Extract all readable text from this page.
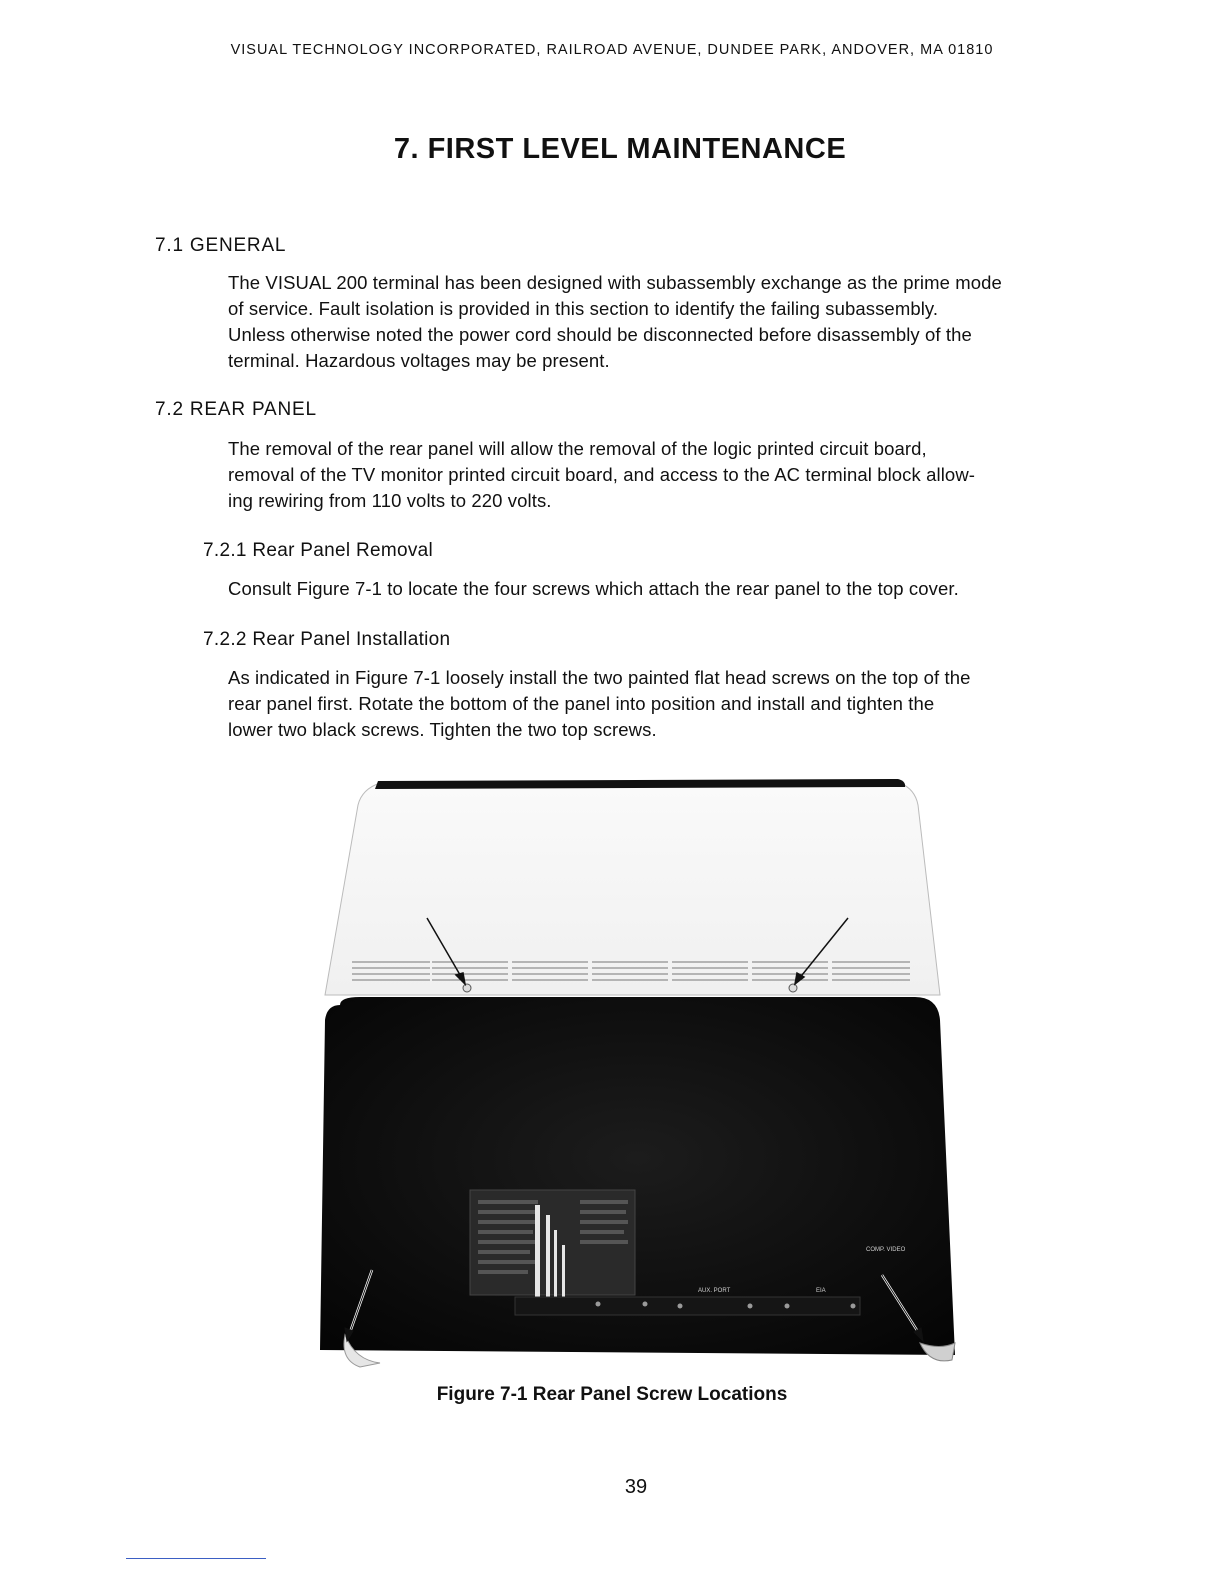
VISUAL TECHNOLOGY INCORPORATED, RAILROAD AVENUE, DUNDEE PARK, ANDOVER, MA 01810
7. FIRST LEVEL MAINTENANCE
7.1 GENERAL
The VISUAL 200 terminal has been designed with subassembly exchange as the prime mode
of service. Fault isolation is provided in this section to identify the failing subassembly.
Unless otherwise noted the power cord should be disconnected before disassembly of the
terminal. Hazardous voltages may be present.
7.2 REAR PANEL
The removal of the rear panel will allow the removal of the logic printed circuit board,
removal of the TV monitor printed circuit board, and access to the AC terminal block allow-
ing rewiring from 110 volts to 220 volts.
7.2.1 Rear Panel Removal
Consult Figure 7-1 to locate the four screws which attach the rear panel to the top cover.
7.2.2 Rear Panel Installation
As indicated in Figure 7-1 loosely install the two painted flat head screws on the top of the
rear panel first. Rotate the bottom of the panel into position and install and tighten the
lower two black screws. Tighten the two top screws.
AUX. PORT	EIA
COMP. VIDEO
Figure 7-1 Rear Panel Screw Locations
39
